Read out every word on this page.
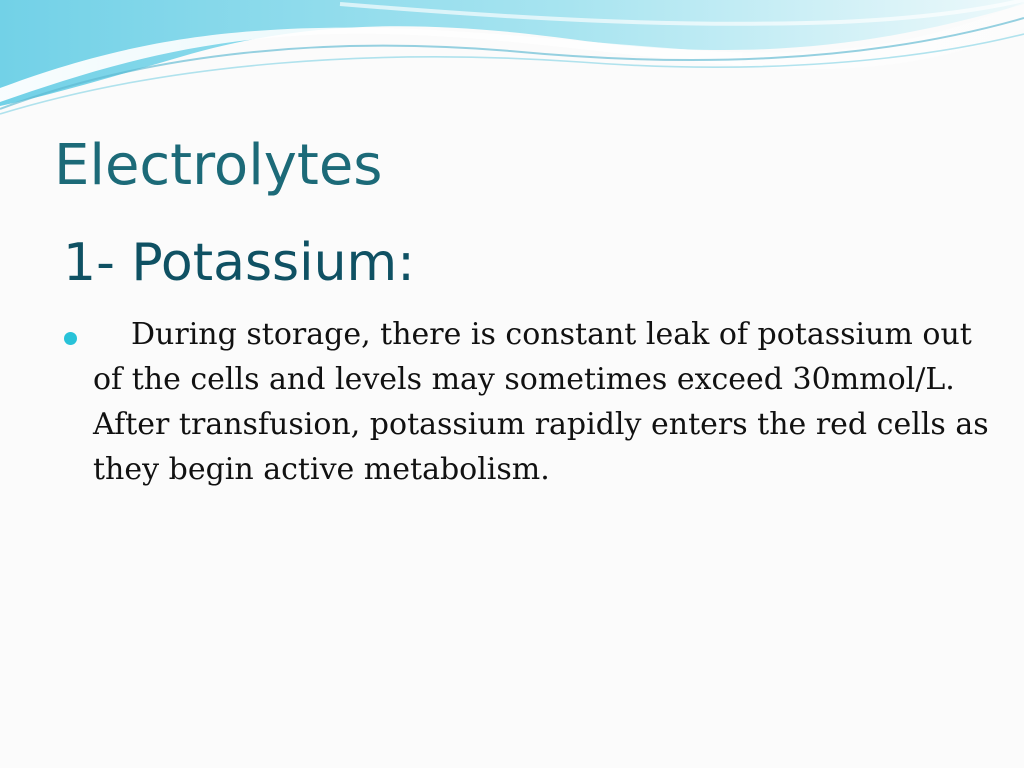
Electrolytes
1- Potassium:
During storage, there is constant leak of potassium out of the cells and levels may sometimes exceed 30mmol/L. After transfusion, potassium rapidly enters the red cells as they begin active metabolism.
